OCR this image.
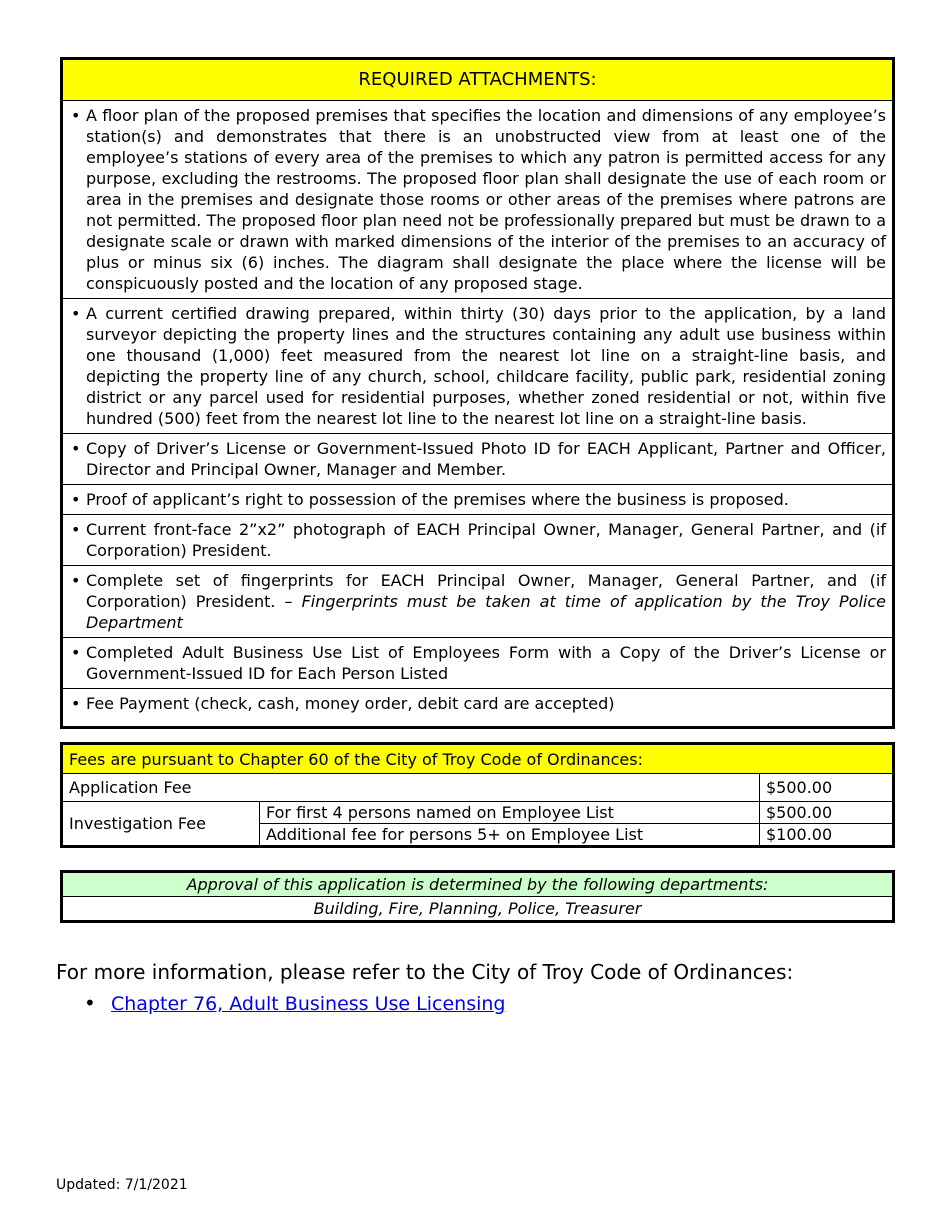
REQUIRED ATTACHMENTS:
• A floor plan of the proposed premises that specifies the location and dimensions of any employee’s station(s) and demonstrates that there is an unobstructed view from at least one of the employee’s stations of every area of the premises to which any patron is permitted access for any purpose, excluding the restrooms. The proposed floor plan shall designate the use of each room or area in the premises and designate those rooms or other areas of the premises where patrons are not permitted. The proposed floor plan need not be professionally prepared but must be drawn to a designate scale or drawn with marked dimensions of the interior of the premises to an accuracy of plus or minus six (6) inches. The diagram shall designate the place where the license will be conspicuously posted and the location of any proposed stage.
• A current certified drawing prepared, within thirty (30) days prior to the application, by a land surveyor depicting the property lines and the structures containing any adult use business within one thousand (1,000) feet measured from the nearest lot line on a straight-line basis, and depicting the property line of any church, school, childcare facility, public park, residential zoning district or any parcel used for residential purposes, whether zoned residential or not, within five hundred (500) feet from the nearest lot line to the nearest lot line on a straight-line basis.
• Copy of Driver’s License or Government-Issued Photo ID for EACH Applicant, Partner and Officer, Director and Principal Owner, Manager and Member.
• Proof of applicant’s right to possession of the premises where the business is proposed.
• Current front-face 2”x2” photograph of EACH Principal Owner, Manager, General Partner, and (if Corporation) President.
• Complete set of fingerprints for EACH Principal Owner, Manager, General Partner, and (if Corporation) President. – Fingerprints must be taken at time of application by the Troy Police Department
• Completed Adult Business Use List of Employees Form with a Copy of the Driver’s License or Government-Issued ID for Each Person Listed
• Fee Payment (check, cash, money order, debit card are accepted)
Fees are pursuant to Chapter 60 of the City of Troy Code of Ordinances:		
Application Fee		$500.00
Investigation Fee	For first 4 persons named on Employee List	$500.00
	Additional fee for persons 5+ on Employee List	$100.00
Approval of this application is determined by the following departments:
Building, Fire, Planning, Police, Treasurer
For more information, please refer to the City of Troy Code of Ordinances:
• Chapter 76, Adult Business Use Licensing
Updated: 7/1/2021
